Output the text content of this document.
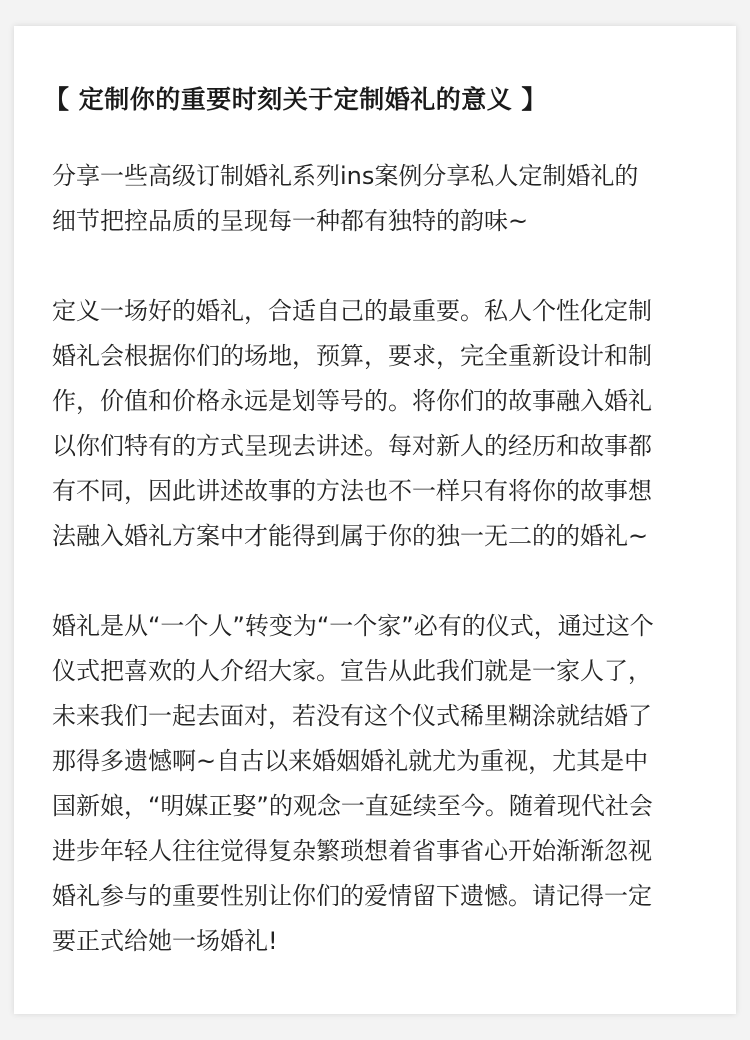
【 定制你的重要时刻关于定制婚礼的意义 】
分享一些高级订制婚礼系列ins案例分享私人定制婚礼的
细节把控品质的呈现每一种都有独特的韵味~
定义一场好的婚礼，合适自己的最重要。私人个性化定制
婚礼会根据你们的场地，预算，要求，完全重新设计和制
作，价值和价格永远是划等号的。将你们的故事融入婚礼
以你们特有的方式呈现去讲述。每对新人的经历和故事都
有不同，因此讲述故事的方法也不一样只有将你的故事想
法融入婚礼方案中才能得到属于你的独一无二的的婚礼~
婚礼是从“一个人”转变为“一个家”必有的仪式，通过这个
仪式把喜欢的人介绍大家。宣告从此我们就是一家人了，
未来我们一起去面对，若没有这个仪式稀里糊涂就结婚了
那得多遗憾啊~自古以来婚姻婚礼就尤为重视，尤其是中
国新娘，“明媒正娶”的观念一直延续至今。随着现代社会
进步年轻人往往觉得复杂繁琐想着省事省心开始渐渐忽视
婚礼参与的重要性别让你们的爱情留下遗憾。请记得一定
要正式给她一场婚礼!
